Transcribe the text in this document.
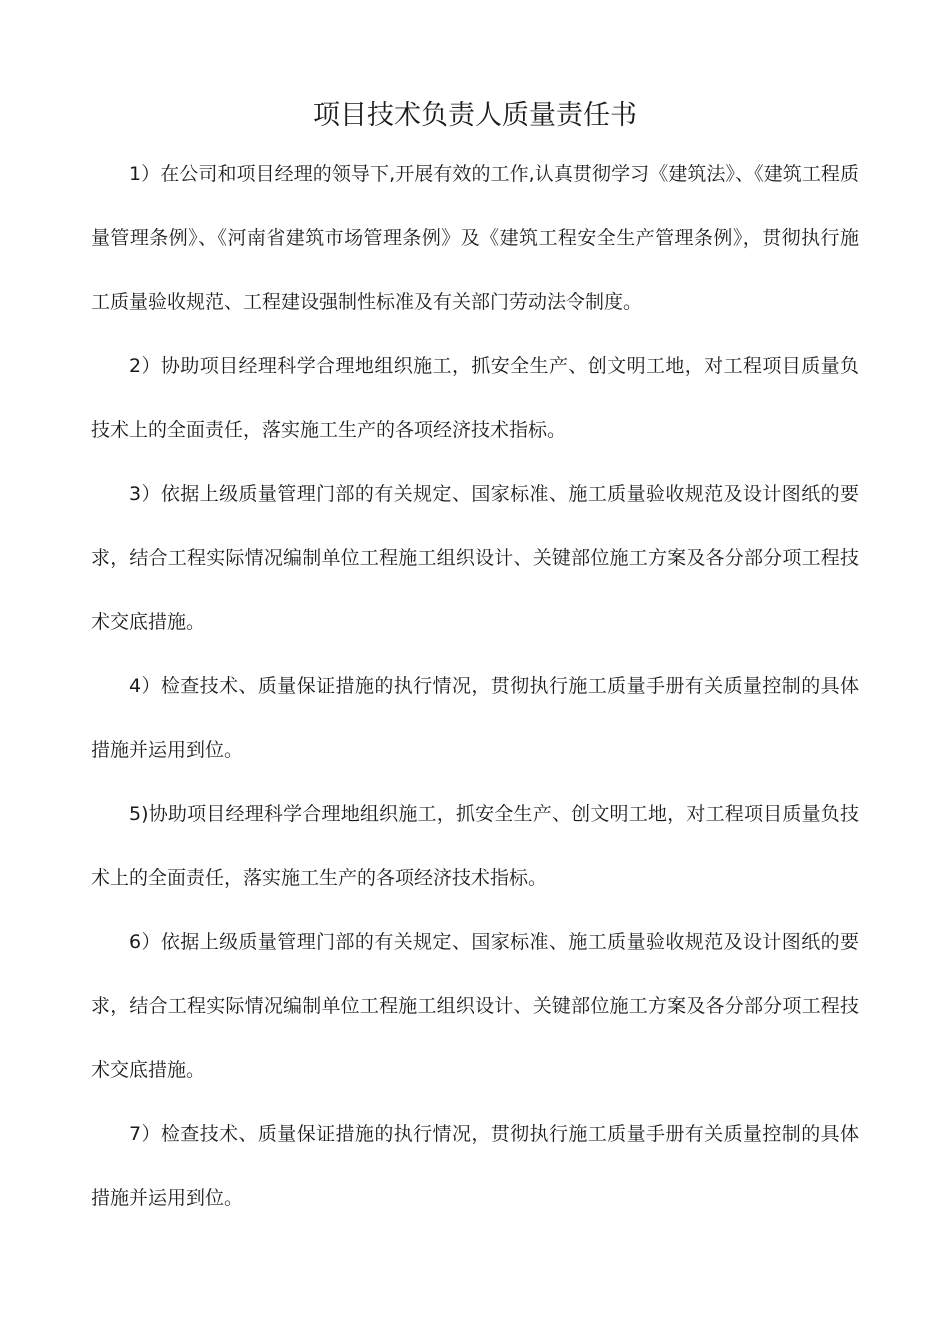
项目技术负责人质量责任书

1）在公司和项目经理的领导下,开展有效的工作,认真贯彻学习《建筑法》、《建筑工程质量管理条例》、《河南省建筑市场管理条例》及《建筑工程安全生产管理条例》，贯彻执行施工质量验收规范、工程建设强制性标准及有关部门劳动法令制度。

2）协助项目经理科学合理地组织施工，抓安全生产、创文明工地，对工程项目质量负技术上的全面责任，落实施工生产的各项经济技术指标。

3）依据上级质量管理门部的有关规定、国家标准、施工质量验收规范及设计图纸的要求，结合工程实际情况编制单位工程施工组织设计、关键部位施工方案及各分部分项工程技术交底措施。

4）检查技术、质量保证措施的执行情况，贯彻执行施工质量手册有关质量控制的具体措施并运用到位。

5)协助项目经理科学合理地组织施工，抓安全生产、创文明工地，对工程项目质量负技术上的全面责任，落实施工生产的各项经济技术指标。

6）依据上级质量管理门部的有关规定、国家标准、施工质量验收规范及设计图纸的要求，结合工程实际情况编制单位工程施工组织设计、关键部位施工方案及各分部分项工程技术交底措施。

7）检查技术、质量保证措施的执行情况，贯彻执行施工质量手册有关质量控制的具体措施并运用到位。
